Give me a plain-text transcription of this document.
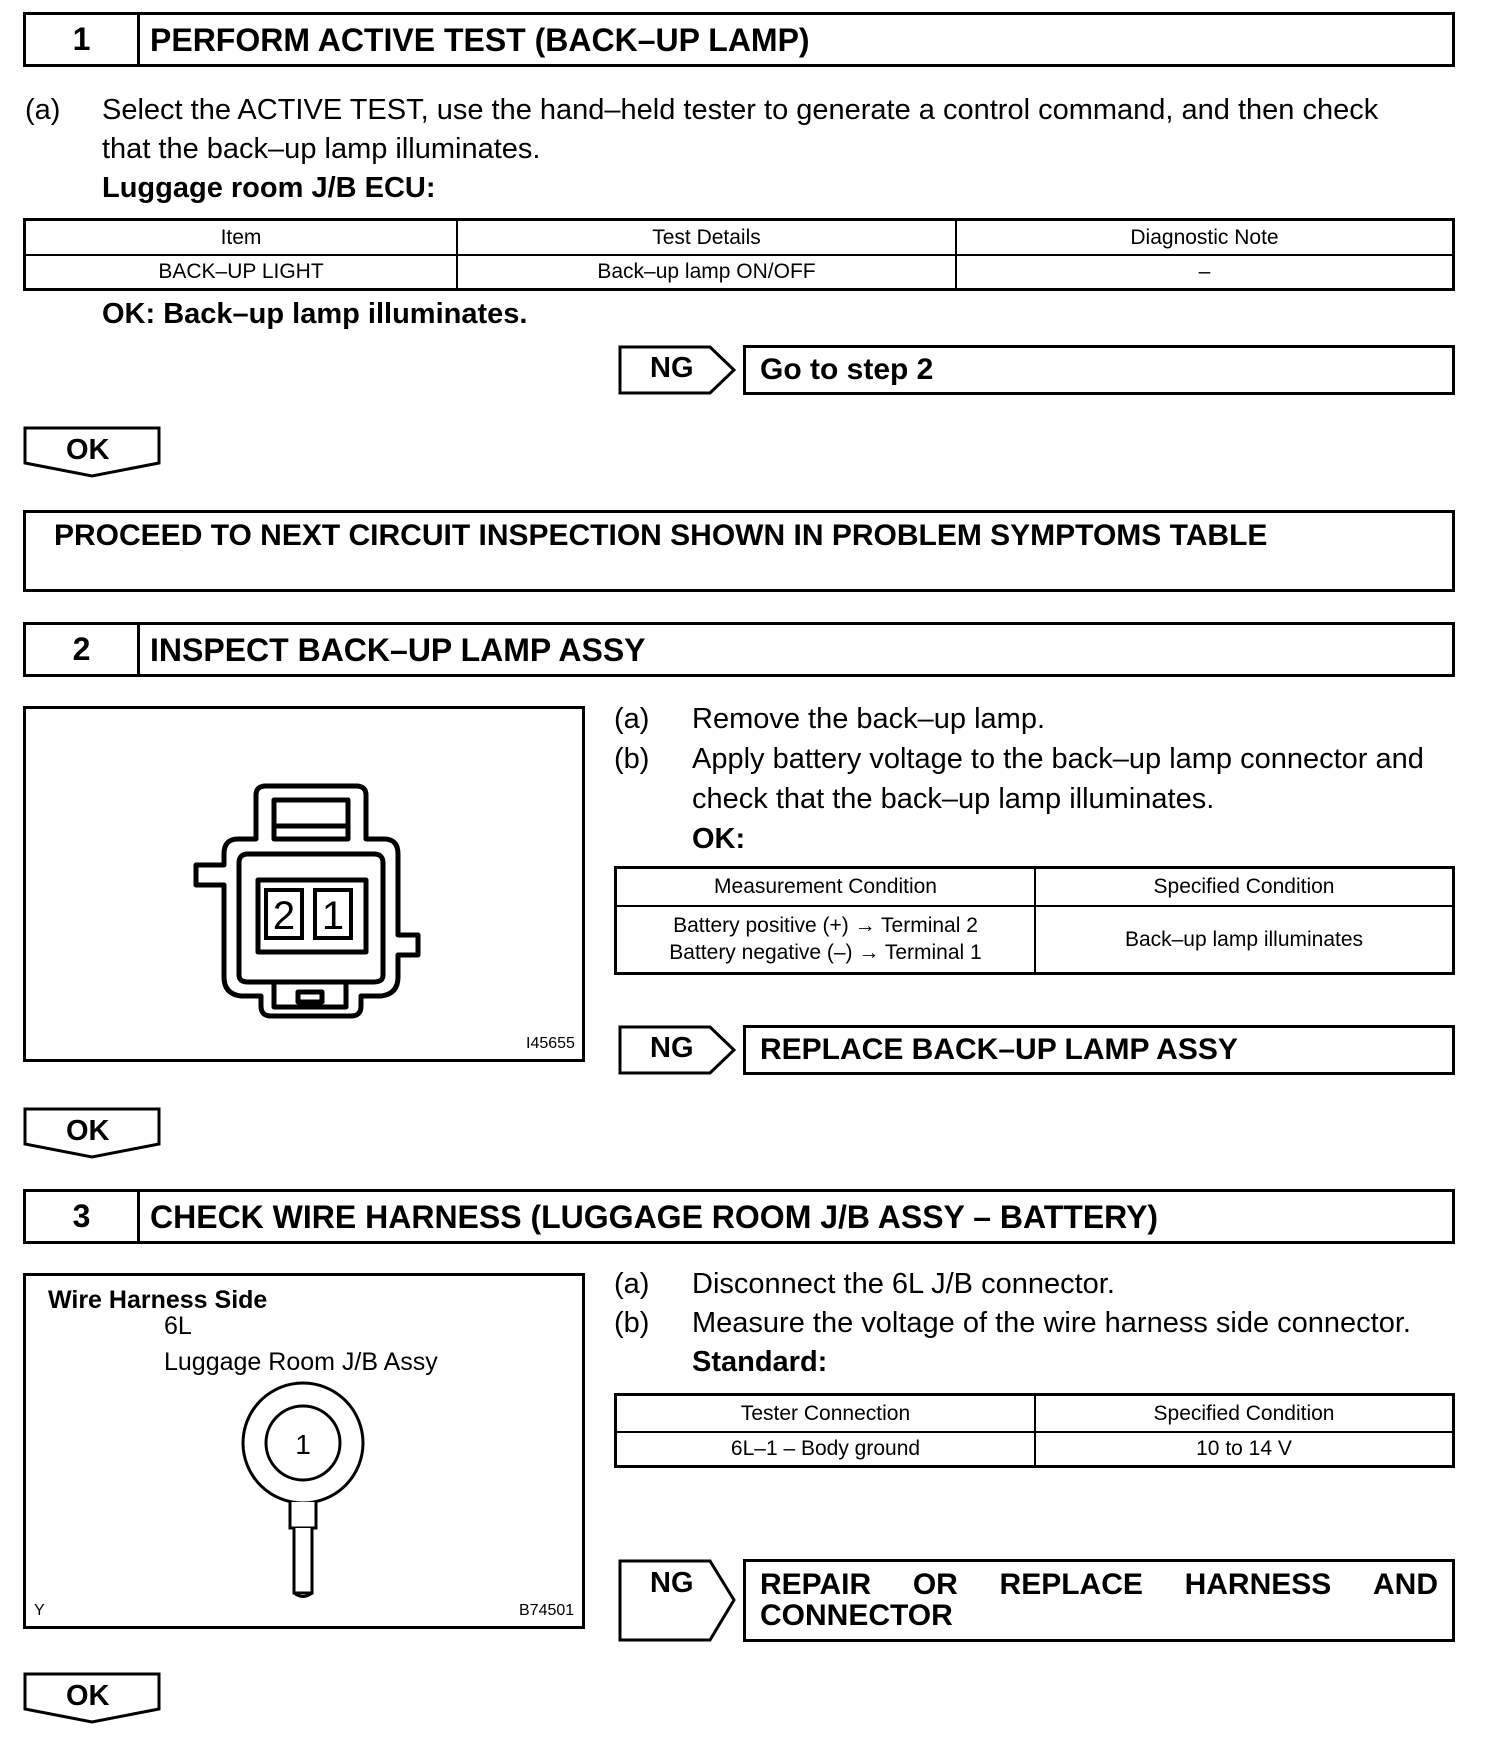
1	PERFORM ACTIVE TEST (BACK–UP LAMP)
(a) Select the ACTIVE TEST, use the hand–held tester to generate a control command, and then check
that the back–up lamp illuminates.
Luggage room J/B ECU:
Item	Test Details	Diagnostic Note
BACK–UP LIGHT	Back–up lamp ON/OFF	–
OK: Back–up lamp illuminates.
NG Go to step 2
OK
PROCEED TO NEXT CIRCUIT INSPECTION SHOWN IN PROBLEM SYMPTOMS TABLE
2	INSPECT BACK–UP LAMP ASSY
2 1
I45655
(a) Remove the back–up lamp.
(b) Apply battery voltage to the back–up lamp connector and
check that the back–up lamp illuminates.
OK:
Measurement Condition	Specified Condition

Battery positive (+) → Terminal 2
Battery negative (–) → Terminal 1	Back–up lamp illuminates
NG REPLACE BACK–UP LAMP ASSY
OK
3	CHECK WIRE HARNESS (LUGGAGE ROOM J/B ASSY – BATTERY)
Wire Harness Side
6L
Luggage Room J/B Assy
1
Y	B74501
(a) Disconnect the 6L J/B connector.
(b) Measure the voltage of the wire harness side connector.
Standard:
Tester Connection	Specified Condition
6L–1 – Body ground	10 to 14 V
NG REPAIR OR REPLACE HARNESS AND
CONNECTOR
OK
